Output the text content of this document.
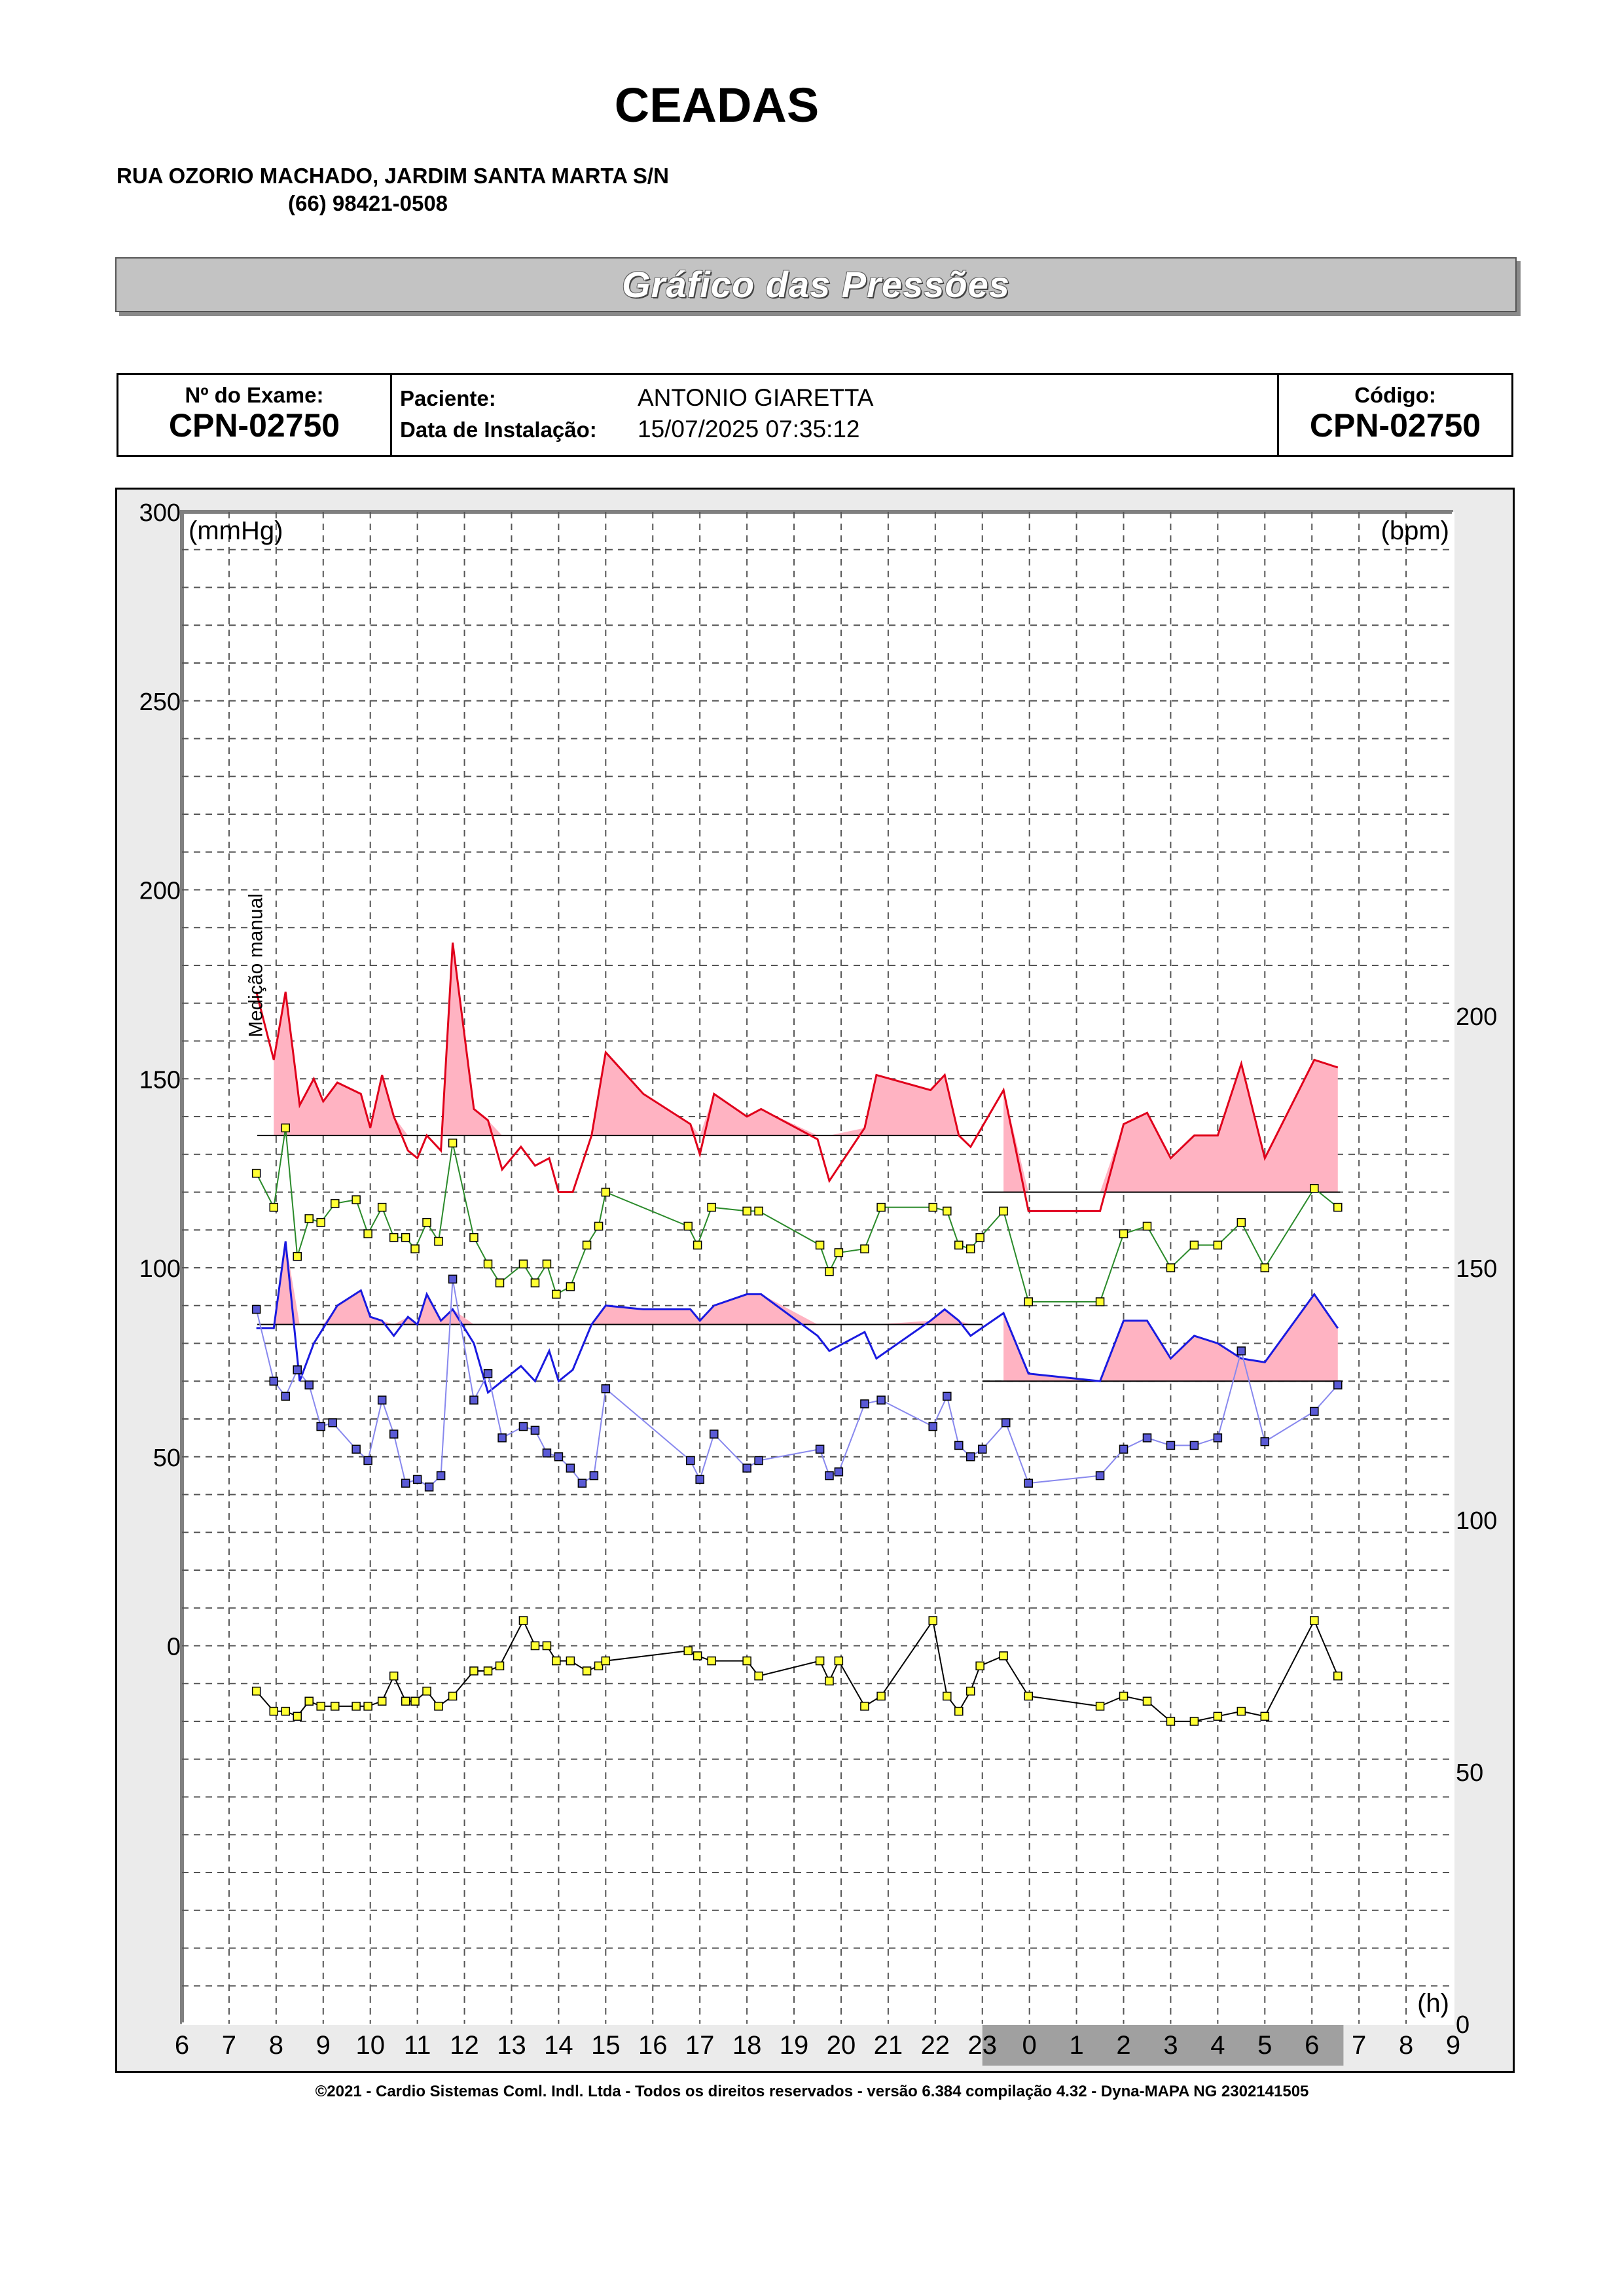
CEADAS
RUA OZORIO MACHADO, JARDIM SANTA MARTA S/N
(66) 98421-0508
Gráfico das Pressões
Nº do Exame:
CPN-02750
Paciente:	ANTONIO GIARETTA
Data de Instalação: 15/07/2025 07:35:12
Código:
CPN-02750
Medição manual
(mmHg)	(bpm)
(h)
300
250
200
150
100
50
0
200
150
100
50
0
6 7 8 9 10 11 12 13 14 15 16 17 18 19 20 21 22 23 0 1 2 3 4 5 6 7 8 9
©2021 - Cardio Sistemas Coml. Indl. Ltda - Todos os direitos reservados - versão 6.384 compilação 4.32 - Dyna-MAPA NG 2302141505
